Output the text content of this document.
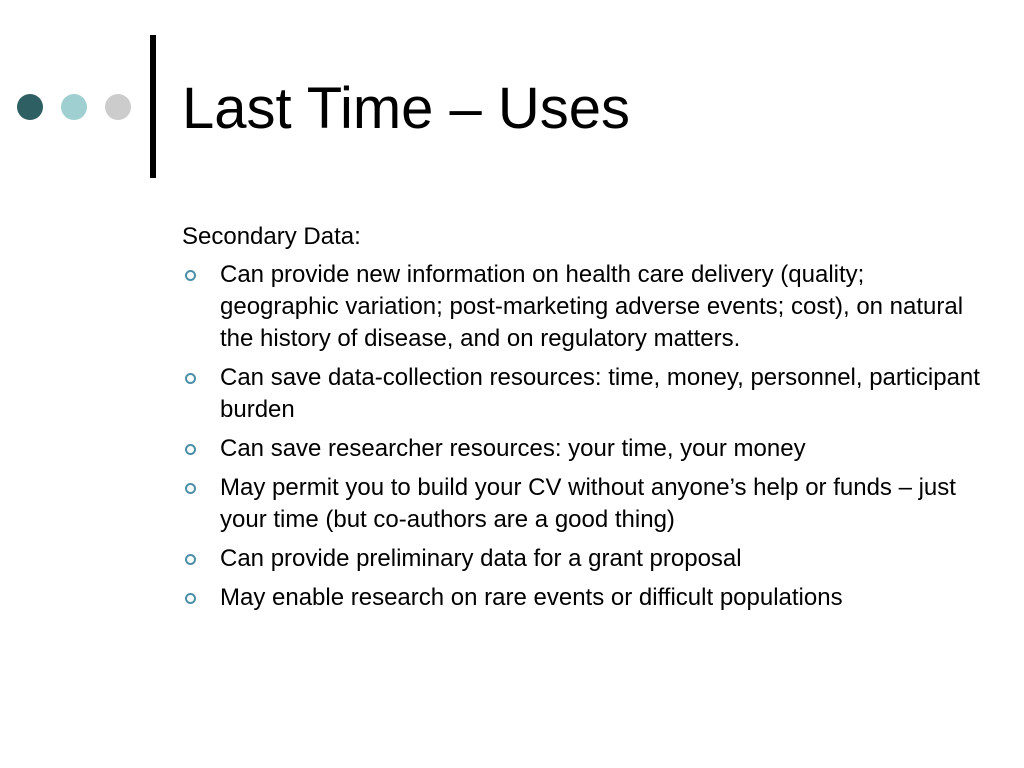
Last Time – Uses

Secondary Data:

Can provide new information on health care delivery (quality; geographic variation; post-marketing adverse events; cost), on natural the history of disease, and on regulatory matters.
Can save data-collection resources: time, money, personnel, participant burden
Can save researcher resources: your time, your money
May permit you to build your CV without anyone’s help or funds – just your time (but co-authors are a good thing)
Can provide preliminary data for a grant proposal
May enable research on rare events or difficult populations
